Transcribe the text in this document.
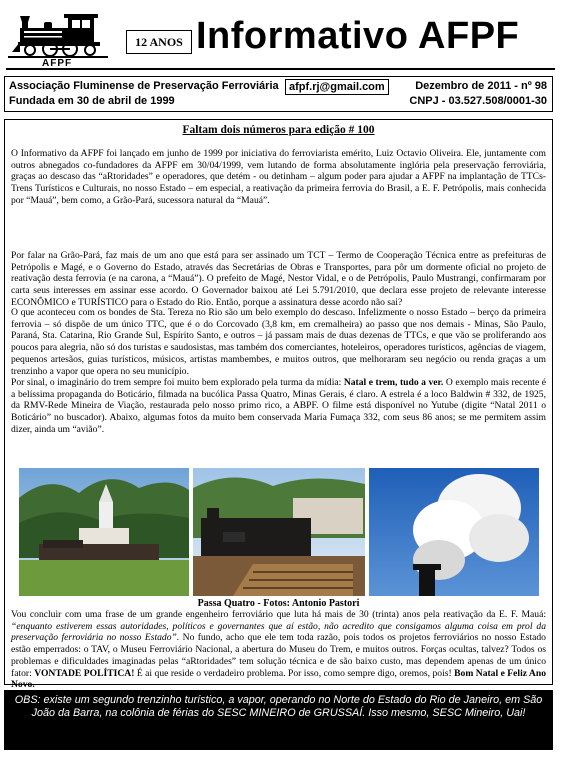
AFPF
12 ANOS Informativo AFPF
Associação Fluminense de Preservação Ferroviária
Fundada em 30 de abril de 1999
afpf.rj@gmail.com	Dezembro de 2011 - nº 98
CNPJ - 03.527.508/0001-30
Faltam dois números para edição # 100

O Informativo da AFPF foi lançado em junho de 1999 por iniciativa do ferroviarista emérito, Luiz Octavio Oliveira. Ele, juntamente com outros abnegados co-fundadores da AFPF em 30/04/1999, vem lutando de forma absolutamente inglória pela preservação ferroviária, graças ao descaso das “aRtoridades” e operadores, que detém - ou detinham – algum poder para ajudar a AFPF na implantação de TTCs-Trens Turísticos e Culturais, no nosso Estado – em especial, a reativação da primeira ferrovia do Brasil, a E. F. Petrópolis, mais conhecida por “Mauá”, bem como, a Grão-Pará, sucessora natural da “Mauá”.

Por falar na Grão-Pará, faz mais de um ano que está para ser assinado um TCT – Termo de Cooperação Técnica entre as prefeituras de Petrópolis e Magé, e o Governo do Estado, através das Secretárias de Obras e Transportes, para pôr um dormente oficial no projeto de reativação desta ferrovia (e na carona, a “Mauá”). O prefeito de Magé, Nestor Vidal, e o de Petrópolis, Paulo Mustrangi, confirmaram por carta seus interesses em assinar esse acordo. O Governador baixou até Lei 5.791/2010, que declara esse projeto de relevante interesse ECONÔMICO e TURÍSTICO para o Estado do Rio. Então, porque a assinatura desse acordo não sai?

O que aconteceu com os bondes de Sta. Tereza no Rio são um belo exemplo do descaso. Infelizmente o nosso Estado – berço da primeira ferrovia – só dispõe de um único TTC, que é o do Corcovado (3,8 km, em cremalheira) ao passo que nos demais - Minas, São Paulo, Paraná, Sta. Catarina, Rio Grande Sul, Espírito Santo, e outros – já passam mais de duas dezenas de TTCs, e que vão se proliferando aos poucos para alegria, não só dos turistas e saudosistas, mas também dos comerciantes, hoteleiros, operadores turísticos, agências de viagem, pequenos artesãos, guias turísticos, músicos, artistas mambembes, e muitos outros, que melhoraram seu negócio ou renda graças a um trenzinho a vapor que opera no seu município.

Por sinal, o imaginário do trem sempre foi muito bem explorado pela turma da mídia: Natal e trem, tudo a ver. O exemplo mais recente é a belíssima propaganda do Boticário, filmada na bucólica Passa Quatro, Minas Gerais, é claro. A estrela é a loco Baldwin # 332, de 1925, da RMV-Rede Mineira de Viação, restaurada pelo nosso primo rico, a ABPF. O filme está disponível no Yutube (digite “Natal 2011 o Boticário” no buscador). Abaixo, algumas fotos da muito bem conservada Maria Fumaça 332, com seus 86 anos; se me permitem assim dizer, ainda um “avião”.

Passa Quatro - Fotos: Antonio Pastori

Vou concluir com uma frase de um grande engenheiro ferroviário que luta há mais de 30 (trinta) anos pela reativação da E. F. Mauá: “enquanto estiverem essas autoridades, políticos e governantes que aí estão, não acredito que consigamos alguma coisa em prol da preservação ferroviária no nosso Estado”. No fundo, acho que ele tem toda razão, pois todos os projetos ferroviários no nosso Estado estão emperrados: o TAV, o Museu Ferroviário Nacional, a abertura do Museu do Trem, e muitos outros. Forças ocultas, talvez? Todos os problemas e dificuldades imaginadas pelas “aRtoridades” tem solução técnica e de são baixo custo, mas dependem apenas de um único fator: VONTADE POLÍTICA! É ai que reside o verdadeiro problema. Por isso, como sempre digo, oremos, pois! Bom Natal e Feliz Ano Novo.

OBS: existe um segundo trenzinho turístico, a vapor, operando no Norte do Estado do Rio de Janeiro, em São
João da Barra, na colônia de férias do SESC MINEIRO de GRUSSAÍ. Isso mesmo, SESC Mineiro, Uai!
